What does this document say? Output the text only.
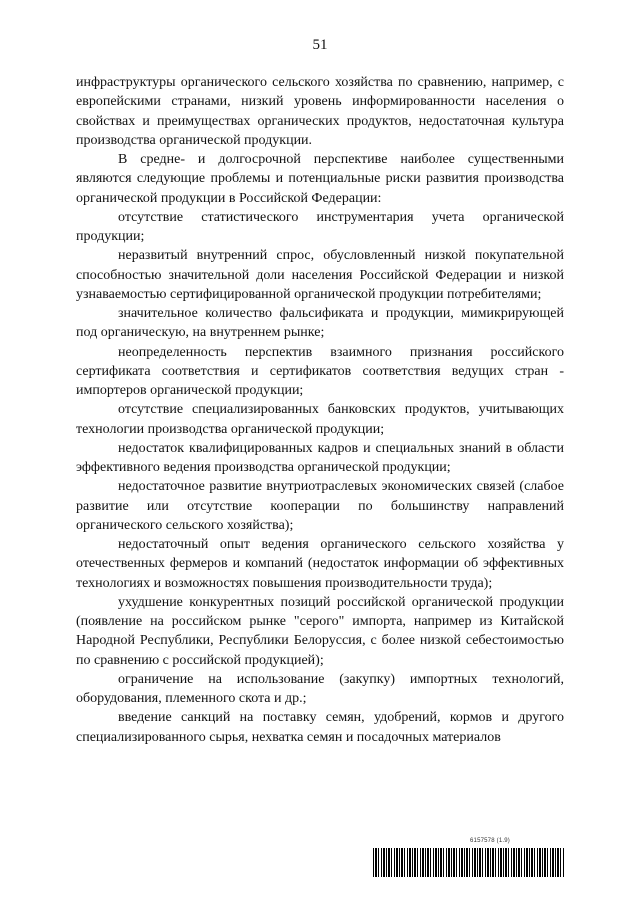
51

инфраструктуры органического сельского хозяйства по сравнению, например, с европейскими странами, низкий уровень информированности населения о свойствах и преимуществах органических продуктов, недостаточная культура производства органической продукции.

В средне- и долгосрочной перспективе наиболее существенными являются следующие проблемы и потенциальные риски развития производства органической продукции в Российской Федерации:

отсутствие статистического инструментария учета органической продукции;

неразвитый внутренний спрос, обусловленный низкой покупательной способностью значительной доли населения Российской Федерации и низкой узнаваемостью сертифицированной органической продукции потребителями;

значительное количество фальсификата и продукции, мимикрирующей под органическую, на внутреннем рынке;

неопределенность перспектив взаимного признания российского сертификата соответствия и сертификатов соответствия ведущих стран - импортеров органической продукции;

отсутствие специализированных банковских продуктов, учитывающих технологии производства органической продукции;

недостаток квалифицированных кадров и специальных знаний в области эффективного ведения производства органической продукции;

недостаточное развитие внутриотраслевых экономических связей (слабое развитие или отсутствие кооперации по большинству направлений органического сельского хозяйства);

недостаточный опыт ведения органического сельского хозяйства у отечественных фермеров и компаний (недостаток информации об эффективных технологиях и возможностях повышения производительности труда);

ухудшение конкурентных позиций российской органической продукции (появление на российском рынке "серого" импорта, например из Китайской Народной Республики, Республики Белоруссия, с более низкой себестоимостью по сравнению с российской продукцией);

ограничение на использование (закупку) импортных технологий, оборудования, племенного скота и др.;

введение санкций на поставку семян, удобрений, кормов и другого специализированного сырья, нехватка семян и посадочных материалов

6157578 (1.9)
